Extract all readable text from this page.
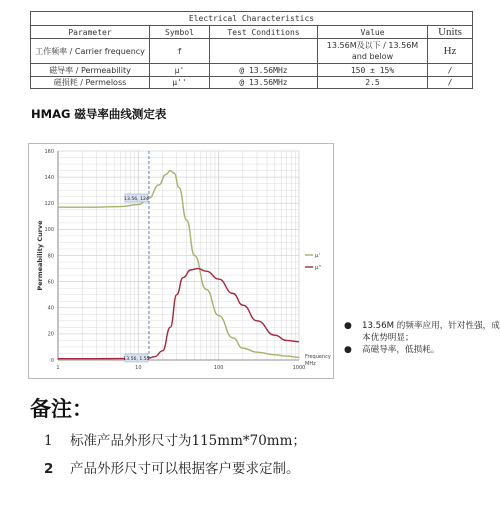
Electrical Characteristics				
Parameter	Symbol	Test Conditions	Value	Units
工作频率 / Carrier frequency	f		13.56M及以下 / 13.56M and below	Hz
磁导率 / Permeability	μ'	@ 13.56MHz	150 ± 15%	/
磁损耗 / Permeloss	μ''	@ 13.56MHz	2.5	/
HMAG 磁导率曲线测定表
0
20
40
60
80
100
120
140
160
1	10	100	1000
Permeability Curve
Frequency
MHz
13.56, 124
13.56, 1.55
μ'
μ''
● 13.56M 的频率应用，针对性强，成本优势明显；
● 高磁导率，低损耗。
备注：
1 标准产品外形尺寸为115mm*70mm；
2 产品外形尺寸可以根据客户要求定制。
